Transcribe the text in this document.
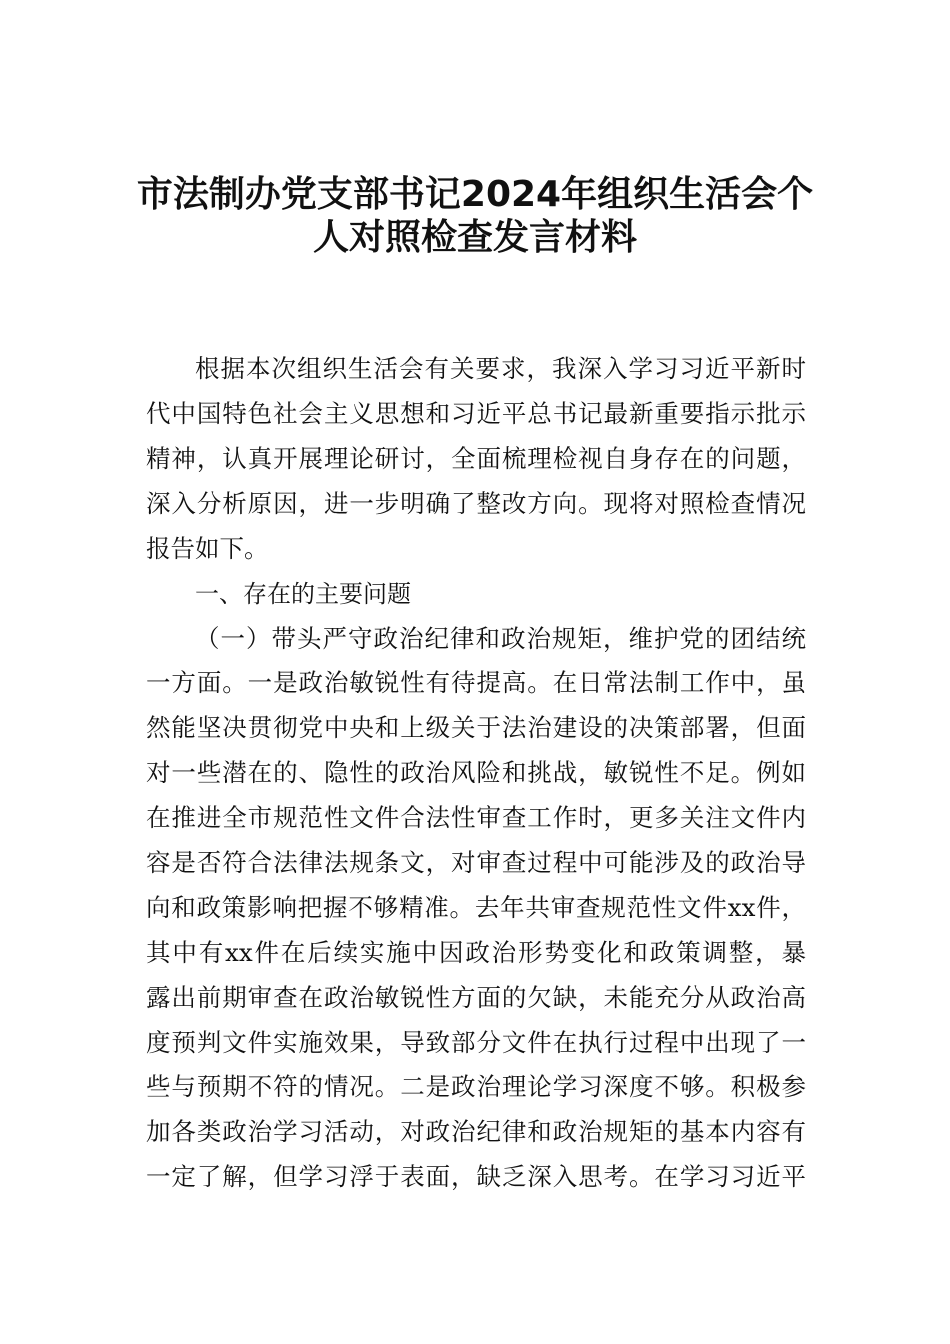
市法制办党支部书记2024年组织生活会个
人对照检查发言材料
根据本次组织生活会有关要求，我深入学习习近平新时
代中国特色社会主义思想和习近平总书记最新重要指示批示
精神，认真开展理论研讨，全面梳理检视自身存在的问题，
深入分析原因，进一步明确了整改方向。现将对照检查情况
报告如下。
一、存在的主要问题
（一）带头严守政治纪律和政治规矩，维护党的团结统
一方面。一是政治敏锐性有待提高。在日常法制工作中，虽
然能坚决贯彻党中央和上级关于法治建设的决策部署，但面
对一些潜在的、隐性的政治风险和挑战，敏锐性不足。例如
在推进全市规范性文件合法性审查工作时，更多关注文件内
容是否符合法律法规条文，对审查过程中可能涉及的政治导
向和政策影响把握不够精准。去年共审查规范性文件xx件，
其中有xx件在后续实施中因政治形势变化和政策调整，暴
露出前期审查在政治敏锐性方面的欠缺，未能充分从政治高
度预判文件实施效果，导致部分文件在执行过程中出现了一
些与预期不符的情况。二是政治理论学习深度不够。积极参
加各类政治学习活动，对政治纪律和政治规矩的基本内容有
一定了解，但学习浮于表面，缺乏深入思考。在学习习近平
